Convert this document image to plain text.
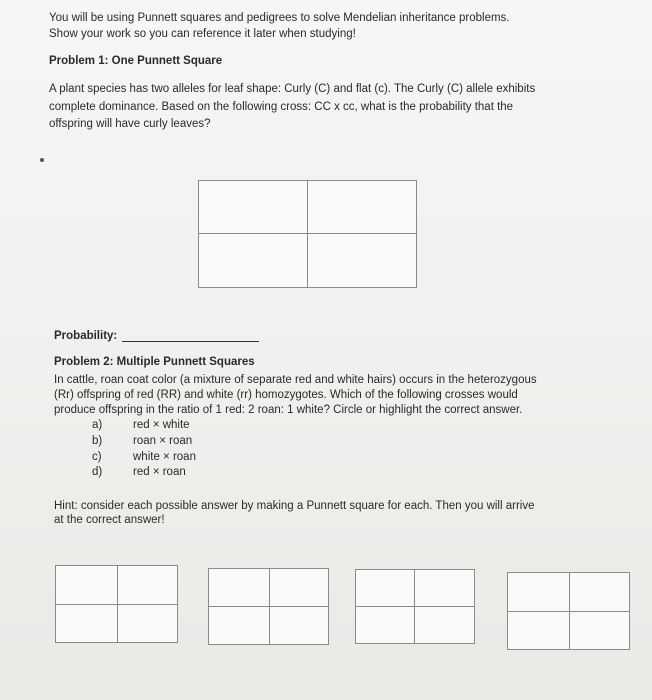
You will be using Punnett squares and pedigrees to solve Mendelian inheritance problems.
Show your work so you can reference it later when studying!
Problem 1: One Punnett Square
A plant species has two alleles for leaf shape: Curly (C) and flat (c). The Curly (C) allele exhibits
complete dominance. Based on the following cross: CC x cc, what is the probability that the
offspring will have curly leaves?
Probability:
Problem 2: Multiple Punnett Squares
In cattle, roan coat color (a mixture of separate red and white hairs) occurs in the heterozygous
(Rr) offspring of red (RR) and white (rr) homozygotes. Which of the following crosses would
produce offspring in the ratio of 1 red: 2 roan: 1 white? Circle or highlight the correct answer.
a)	red × white
b)	roan × roan
c)	white × roan
d)	red × roan
Hint: consider each possible answer by making a Punnett square for each. Then you will arrive
at the correct answer!
